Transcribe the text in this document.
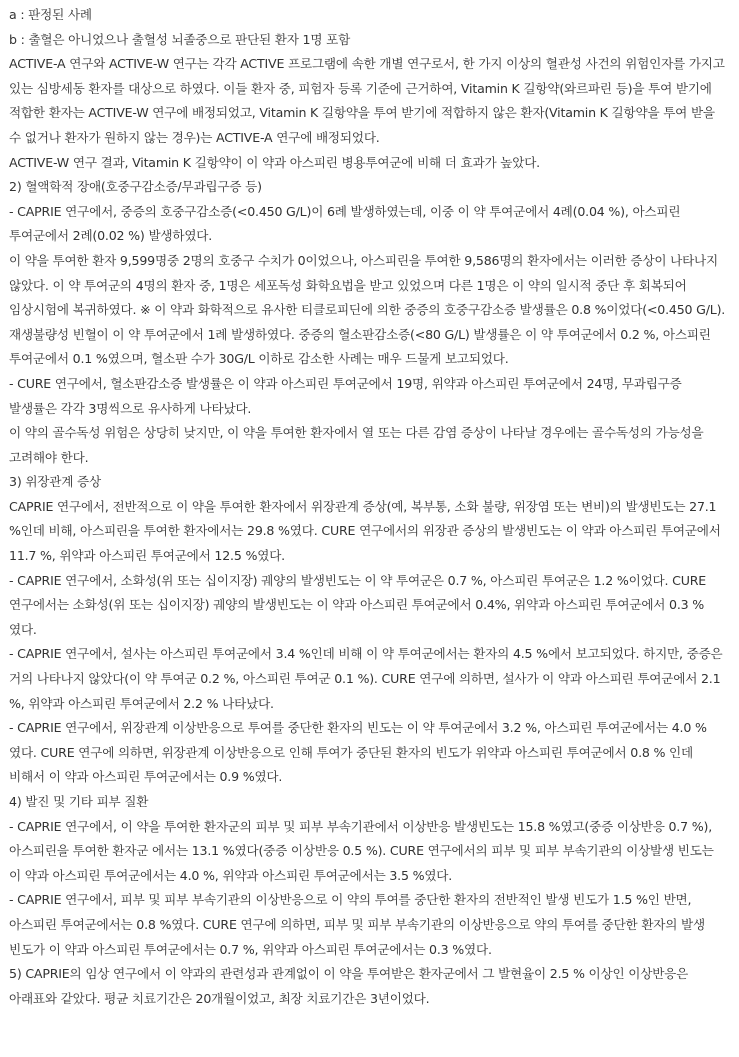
a : 판정된 사례

b : 출혈은 아니었으나 출혈성 뇌졸중으로 판단된 환자 1명 포함

ACTIVE-A 연구와 ACTIVE-W 연구는 각각 ACTIVE 프로그램에 속한 개별 연구로서, 한 가지 이상의 혈관성 사건의 위험인자를 가지고 있는 심방세동 환자를 대상으로 하였다. 이들 환자 중, 피험자 등록 기준에 근거하여, Vitamin K 길항약(와르파린 등)을 투여 받기에 적합한 환자는 ACTIVE-W 연구에 배정되었고, Vitamin K 길항약을 투여 받기에 적합하지 않은 환자(Vitamin K 길항약을 투여 받을 수 없거나 환자가 원하지 않는 경우)는 ACTIVE-A 연구에 배정되었다.

ACTIVE-W 연구 결과, Vitamin K 길항약이 이 약과 아스피린 병용투여군에 비해 더 효과가 높았다.

2) 혈액학적 장애(호중구감소증/무과립구증 등)

- CAPRIE 연구에서, 중증의 호중구감소증(<0.450 G/L)이 6례 발생하였는데, 이중 이 약 투여군에서 4례(0.04 %), 아스피린 투여군에서 2례(0.02 %) 발생하였다.

이 약을 투여한 환자 9,599명중 2명의 호중구 수치가 0이었으나, 아스피린을 투여한 9,586명의 환자에서는 이러한 증상이 나타나지 않았다. 이 약 투여군의 4명의 환자 중, 1명은 세포독성 화학요법을 받고 있었으며 다른 1명은 이 약의 일시적 중단 후 회복되어 임상시험에 복귀하였다. ※ 이 약과 화학적으로 유사한 티클로피딘에 의한 중증의 호중구감소증 발생률은 0.8 %이었다(<0.450 G/L).

재생불량성 빈혈이 이 약 투여군에서 1례 발생하였다. 중증의 혈소판감소증(<80 G/L) 발생률은 이 약 투여군에서 0.2 %, 아스피린 투여군에서 0.1 %였으며, 혈소판 수가 30G/L 이하로 감소한 사례는 매우 드물게 보고되었다.

- CURE 연구에서, 혈소판감소증 발생률은 이 약과 아스피린 투여군에서 19명, 위약과 아스피린 투여군에서 24명, 무과립구증 발생률은 각각 3명씩으로 유사하게 나타났다.

이 약의 골수독성 위험은 상당히 낮지만, 이 약을 투여한 환자에서 열 또는 다른 감염 증상이 나타날 경우에는 골수독성의 가능성을 고려해야 한다.

3) 위장관계 증상

CAPRIE 연구에서, 전반적으로 이 약을 투여한 환자에서 위장관계 증상(예, 복부통, 소화 불량, 위장염 또는 변비)의 발생빈도는 27.1 %인데 비해, 아스피린을 투여한 환자에서는 29.8 %였다. CURE 연구에서의 위장관 증상의 발생빈도는 이 약과 아스피린 투여군에서 11.7 %, 위약과 아스피린 투여군에서 12.5 %였다.

- CAPRIE 연구에서, 소화성(위 또는 십이지장) 궤양의 발생빈도는 이 약 투여군은 0.7 %, 아스피린 투여군은 1.2 %이었다. CURE 연구에서는 소화성(위 또는 십이지장) 궤양의 발생빈도는 이 약과 아스피린 투여군에서 0.4%, 위약과 아스피린 투여군에서 0.3 %였다.

- CAPRIE 연구에서, 설사는 아스피린 투여군에서 3.4 %인데 비해 이 약 투여군에서는 환자의 4.5 %에서 보고되었다. 하지만, 중증은 거의 나타나지 않았다(이 약 투여군 0.2 %, 아스피린 투여군 0.1 %). CURE 연구에 의하면, 설사가 이 약과 아스피린 투여군에서 2.1 %, 위약과 아스피린 투여군에서 2.2 % 나타났다.

- CAPRIE 연구에서, 위장관계 이상반응으로 투여를 중단한 환자의 빈도는 이 약 투여군에서 3.2 %, 아스피린 투여군에서는 4.0 %였다. CURE 연구에 의하면, 위장관계 이상반응으로 인해 투여가 중단된 환자의 빈도가 위약과 아스피린 투여군에서 0.8 % 인데 비해서 이 약과 아스피린 투여군에서는 0.9 %였다.

4) 발진 및 기타 피부 질환

- CAPRIE 연구에서, 이 약을 투여한 환자군의 피부 및 피부 부속기관에서 이상반응 발생빈도는 15.8 %였고(중증 이상반응 0.7 %), 아스피린을 투여한 환자군 에서는 13.1 %였다(중증 이상반응 0.5 %). CURE 연구에서의 피부 및 피부 부속기관의 이상발생 빈도는 이 약과 아스피린 투여군에서는 4.0 %, 위약과 아스피린 투여군에서는 3.5 %였다.

- CAPRIE 연구에서, 피부 및 피부 부속기관의 이상반응으로 이 약의 투여를 중단한 환자의 전반적인 발생 빈도가 1.5 %인 반면, 아스피린 투여군에서는 0.8 %였다. CURE 연구에 의하면, 피부 및 피부 부속기관의 이상반응으로 약의 투여를 중단한 환자의 발생 빈도가 이 약과 아스피린 투여군에서는 0.7 %, 위약과 아스피린 투여군에서는 0.3 %였다.

5) CAPRIE의 임상 연구에서 이 약과의 관련성과 관계없이 이 약을 투여받은 환자군에서 그 발현율이 2.5 % 이상인 이상반응은 아래표와 같았다. 평균 치료기간은 20개월이었고, 최장 치료기간은 3년이었다.
